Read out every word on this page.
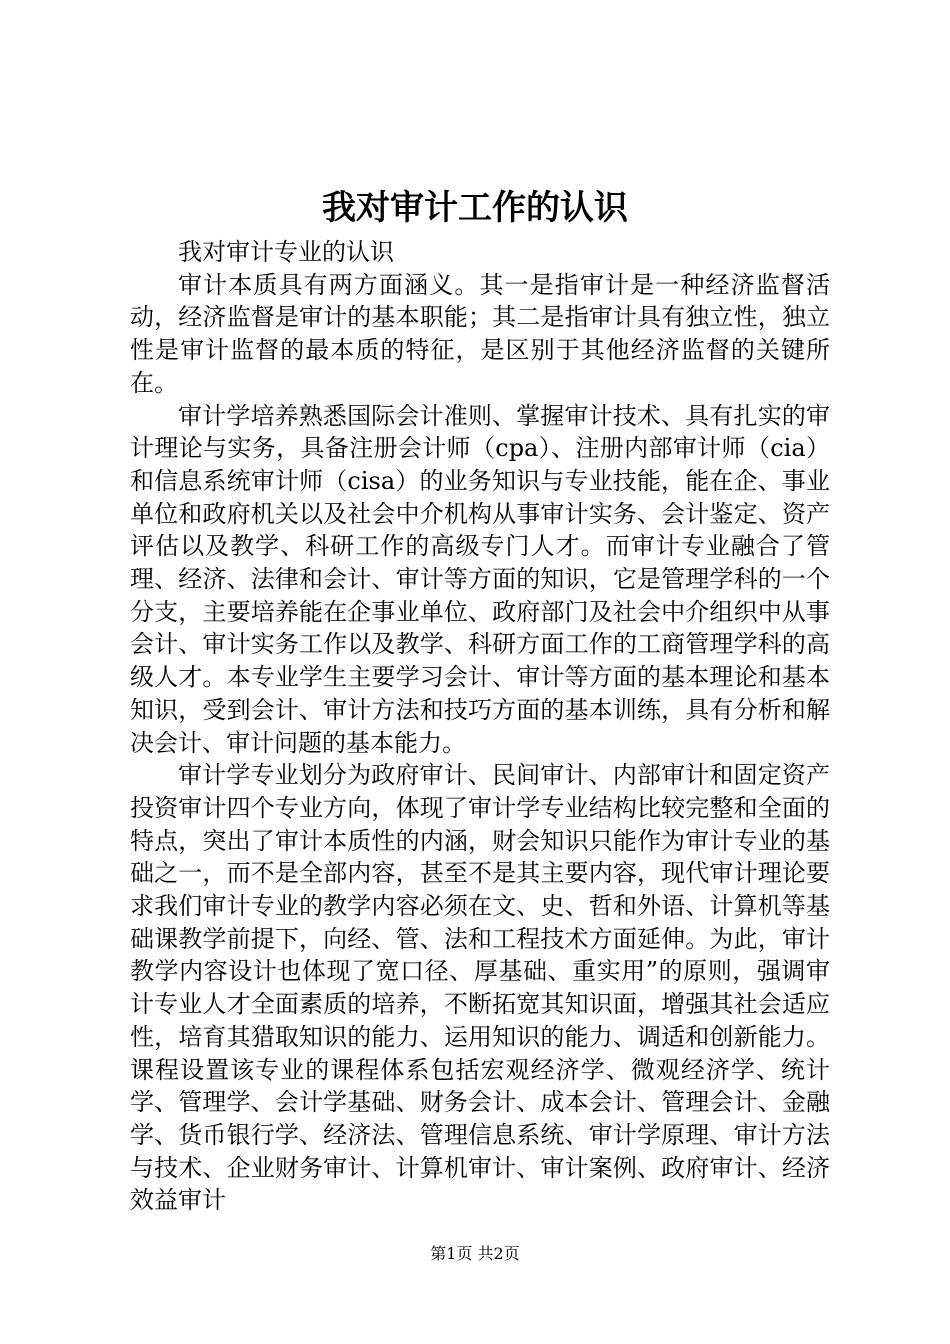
我对审计工作的认识

我对审计专业的认识

审计本质具有两方面涵义。其一是指审计是一种经济监督活动，经济监督是审计的基本职能；其二是指审计具有独立性，独立性是审计监督的最本质的特征，是区别于其他经济监督的关键所在。

审计学培养熟悉国际会计准则、掌握审计技术、具有扎实的审计理论与实务，具备注册会计师（cpa）、注册内部审计师（cia）和信息系统审计师（cisa）的业务知识与专业技能，能在企、事业单位和政府机关以及社会中介机构从事审计实务、会计鉴定、资产评估以及教学、科研工作的高级专门人才。而审计专业融合了管理、经济、法律和会计、审计等方面的知识，它是管理学科的一个分支，主要培养能在企事业单位、政府部门及社会中介组织中从事会计、审计实务工作以及教学、科研方面工作的工商管理学科的高级人才。本专业学生主要学习会计、审计等方面的基本理论和基本知识，受到会计、审计方法和技巧方面的基本训练，具有分析和解决会计、审计问题的基本能力。

审计学专业划分为政府审计、民间审计、内部审计和固定资产投资审计四个专业方向，体现了审计学专业结构比较完整和全面的特点，突出了审计本质性的内涵，财会知识只能作为审计专业的基础之一，而不是全部内容，甚至不是其主要内容，现代审计理论要求我们审计专业的教学内容必须在文、史、哲和外语、计算机等基础课教学前提下，向经、管、法和工程技术方面延伸。为此，审计教学内容设计也体现了宽口径、厚基础、重实用”的原则，强调审计专业人才全面素质的培养，不断拓宽其知识面，增强其社会适应性，培育其猎取知识的能力、运用知识的能力、调适和创新能力。课程设置该专业的课程体系包括宏观经济学、微观经济学、统计学、管理学、会计学基础、财务会计、成本会计、管理会计、金融学、货币银行学、经济法、管理信息系统、审计学原理、审计方法与技术、企业财务审计、计算机审计、审计案例、政府审计、经济效益审计

第1页 共2页
